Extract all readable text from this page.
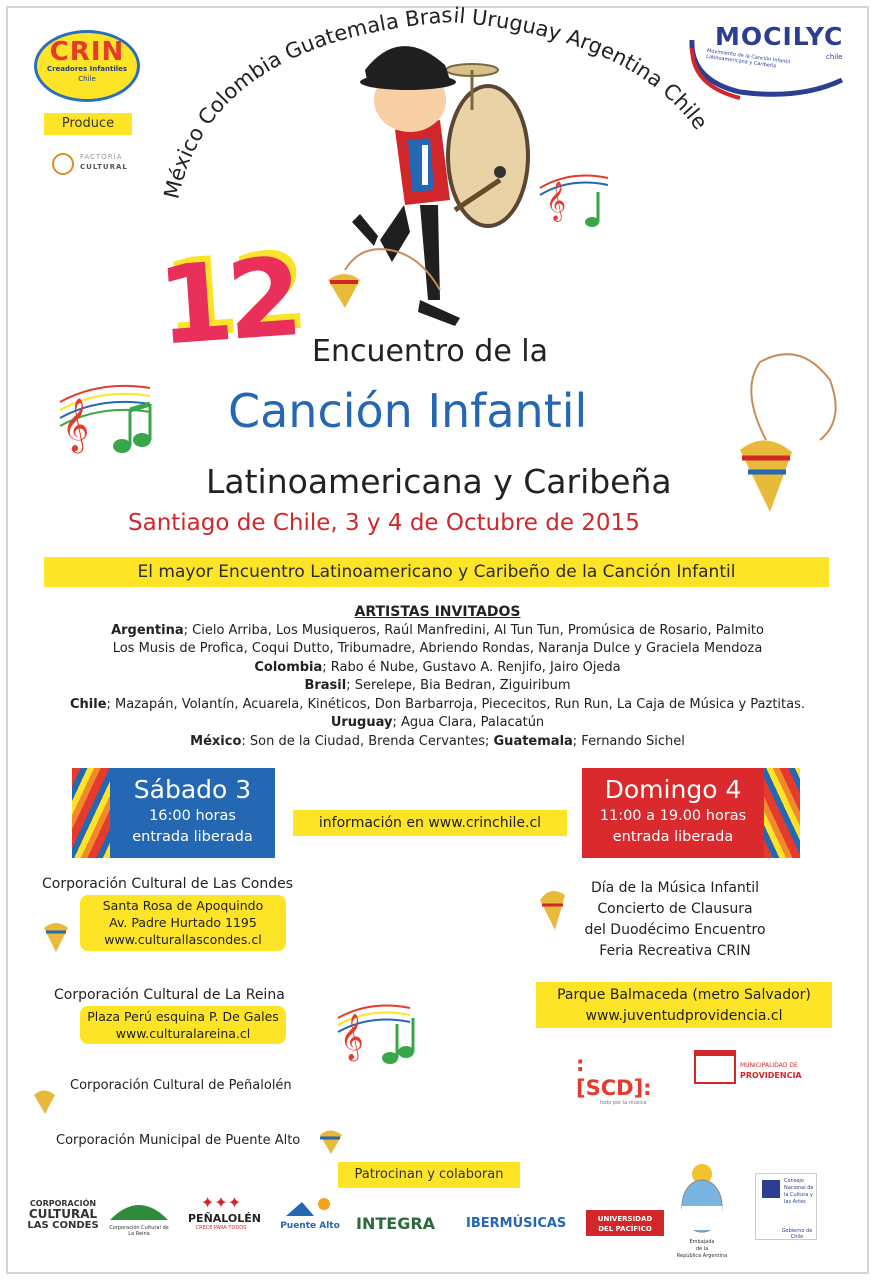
México Colombia Guatemala Brasil Uruguay Argentina Chile
𝄞
𝄞
𝄞
CRIN
Creadores Infantiles
Chile
Produce
FACTORÍA
CULTURAL
MOCILYC
chile
Movimiento de la Canción Infantil Latinoamericana y Caribeña
12 Encuentro de la
Canción Infantil
Latinoamericana y Caribeña
Santiago de Chile, 3 y 4 de Octubre de 2015
El mayor Encuentro Latinoamericano y Caribeño de la Canción Infantil
ARTISTAS INVITADOS
Argentina; Cielo Arriba, Los Musiqueros, Raúl Manfredini, Al Tun Tun, Promúsica de Rosario, Palmito
Los Musis de Profica, Coqui Dutto, Tribumadre, Abriendo Rondas, Naranja Dulce y Graciela Mendoza
Colombia; Rabo é Nube, Gustavo A. Renjifo, Jairo Ojeda
Brasil; Serelepe, Bia Bedran, Ziguiribum
Chile; Mazapán, Volantín, Acuarela, Kinéticos, Don Barbarroja, Piececitos, Run Run, La Caja de Música y Paztitas.
Uruguay; Agua Clara, Palacatún
México: Son de la Ciudad, Brenda Cervantes; Guatemala; Fernando Sichel
Sábado 3
16:00 horas
entrada liberada
información en www.crinchile.cl
Domingo 4
11:00 a 19.00 horas
entrada liberada
Corporación Cultural de Las Condes
Santa Rosa de Apoquindo
Av. Padre Hurtado 1195
www.culturallascondes.cl
Corporación Cultural de La Reina
Plaza Perú esquina P. De Gales
www.culturalareina.cl
Corporación Cultural de Peñalolén
Corporación Municipal de Puente Alto
Día de la Música Infantil
Concierto de Clausura
del Duodécimo Encuentro
Feria Recreativa CRIN
Parque Balmaceda (metro Salvador)
www.juventudprovidencia.cl
:[SCD]:
todo por la música
MUNICIPALIDAD DE
PROVIDENCIA
Patrocinan y colaboran
CORPORACIÓN
CULTURAL
LAS CONDES	Corporación Cultural de La Reina
✦✦✦
PEÑALOLÉN
CRECE PARA TODOS	Puente Alto INTEGRA	IBERMÚSICAS	UNIVERSIDAD
DEL PACÍFICO
Embajada
de la
República Argentina
Consejo
Nacional de
la Cultura y
las Artes
Gobierno de Chile
